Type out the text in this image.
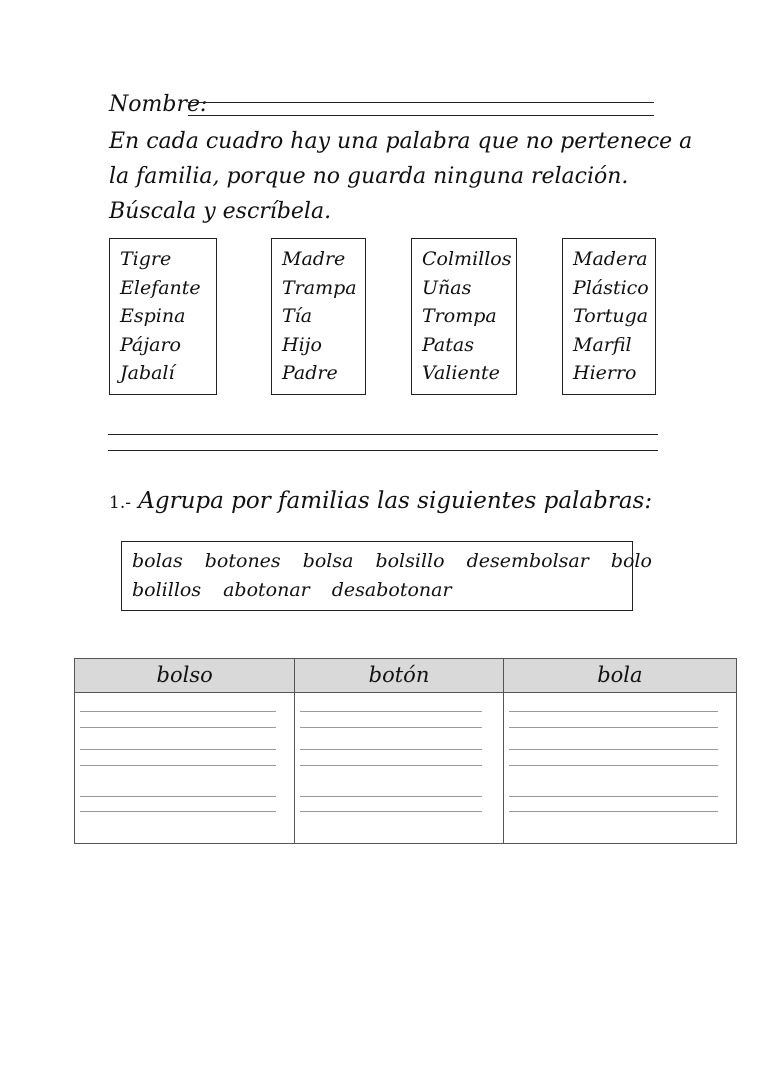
Nombre:
En cada cuadro hay una palabra que no pertenece a
la familia, porque no guarda ninguna relación.
Búscala y escríbela.
Tigre
Elefante
Espina
Pájaro
Jabalí
Madre
Trampa
Tía
Hijo
Padre
Colmillos
Uñas
Trompa
Patas
Valiente
Madera
Plástico
Tortuga
Marfil
Hierro
1.- Agrupa por familias las siguientes palabras:
bolas botones bolsa bolsillo desembolsar bolo
bolillos abotonar desabotonar
bolso	botón	bola
